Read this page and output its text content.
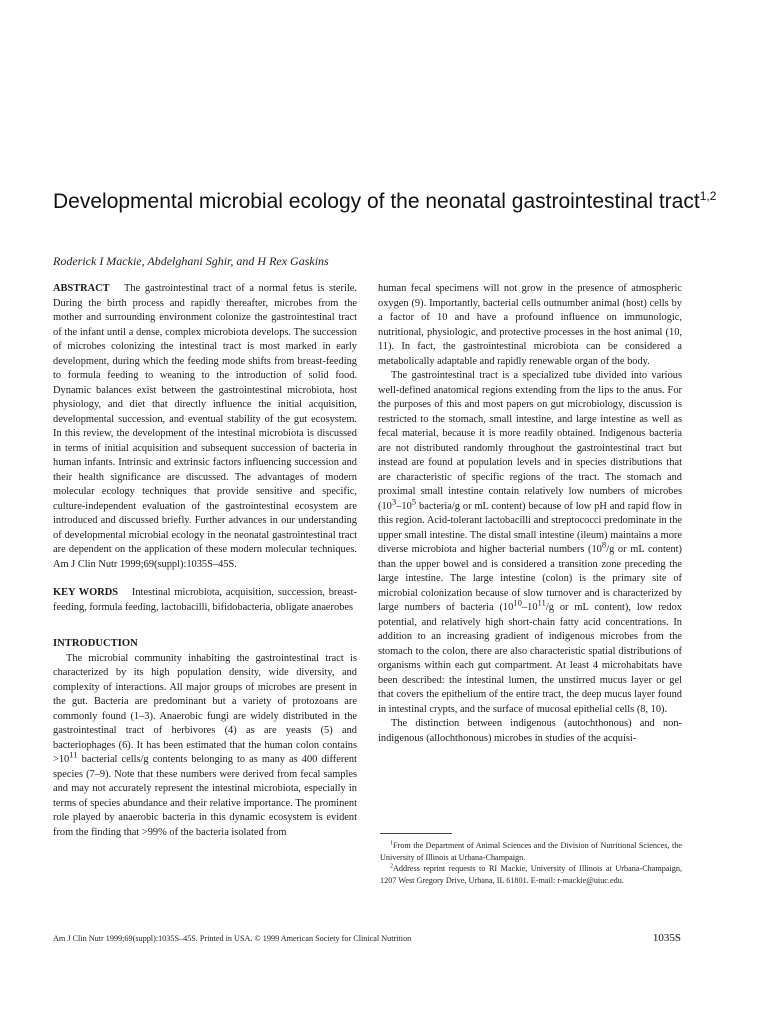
Developmental microbial ecology of the neonatal gastrointestinal tract$^{1,2}$
Roderick I Mackie, Abdelghani Sghir, and H Rex Gaskins

ABSTRACT The gastrointestinal tract of a normal fetus is sterile. During the birth process and rapidly thereafter, microbes from the mother and surrounding environment colonize the gastrointestinal tract of the infant until a dense, complex microbiota develops. The succession of microbes colonizing the intestinal tract is most marked in early development, during which the feeding mode shifts from breast-feeding to formula feeding to weaning to the introduction of solid food. Dynamic balances exist between the gastrointestinal microbiota, host physiology, and diet that directly influence the initial acquisition, developmental succession, and eventual stability of the gut ecosystem. In this review, the development of the intestinal microbiota is discussed in terms of initial acquisition and subsequent succession of bacteria in human infants. Intrinsic and extrinsic factors influencing succession and their health significance are discussed. The advantages of modern molecular ecology techniques that provide sensitive and specific, culture-independent evaluation of the gastrointestinal ecosystem are introduced and discussed briefly. Further advances in our understanding of developmental microbial ecology in the neonatal gastrointestinal tract are dependent on the application of these modern molecular techniques. Am J Clin Nutr 1999;69(suppl):1035S–45S.

KEY WORDS Intestinal microbiota, acquisition, succession, breast-feeding, formula feeding, lactobacilli, bifidobacteria, obligate anaerobes

INTRODUCTION

The microbial community inhabiting the gastrointestinal tract is characterized by its high population density, wide diversity, and complexity of interactions. All major groups of microbes are present in the gut. Bacteria are predominant but a variety of protozoans are commonly found (1–3). Anaerobic fungi are widely distributed in the gastrointestinal tract of herbivores (4) as are yeasts (5) and bacteriophages (6). It has been estimated that the human colon contains $>10^{11}$ bacterial cells/g contents belonging to as many as 400 different species (7–9). Note that these numbers were derived from fecal samples and may not accurately represent the intestinal microbiota, especially in terms of species abundance and their relative importance. The prominent role played by anaerobic bacteria in this dynamic ecosystem is evident from the finding that >99% of the bacteria isolated from

human fecal specimens will not grow in the presence of atmospheric oxygen (9). Importantly, bacterial cells outnumber animal (host) cells by a factor of 10 and have a profound influence on immunologic, nutritional, physiologic, and protective processes in the host animal (10, 11). In fact, the gastrointestinal microbiota can be considered a metabolically adaptable and rapidly renewable organ of the body.

The gastrointestinal tract is a specialized tube divided into various well-defined anatomical regions extending from the lips to the anus. For the purposes of this and most papers on gut microbiology, discussion is restricted to the stomach, small intestine, and large intestine as well as fecal material, because it is more readily obtained. Indigenous bacteria are not distributed randomly throughout the gastrointestinal tract but instead are found at population levels and in species distributions that are characteristic of specific regions of the tract. The stomach and proximal small intestine contain relatively low numbers of microbes ($10^3-10^5$ bacteria/g or mL content) because of low pH and rapid flow in this region. Acid-tolerant lactobacilli and streptococci predominate in the upper small intestine. The distal small intestine (ileum) maintains a more diverse microbiota and higher bacterial numbers ($10^8/g$ or mL content) than the upper bowel and is considered a transition zone preceding the large intestine. The large intestine (colon) is the primary site of microbial colonization because of slow turnover and is characterized by large numbers of bacteria ($10^{10}-10^{11}/g$ or mL content), low redox potential, and relatively high short-chain fatty acid concentrations. In addition to an increasing gradient of indigenous microbes from the stomach to the colon, there are also characteristic spatial distributions of organisms within each gut compartment. At least 4 microhabitats have been described: the intestinal lumen, the unstirred mucus layer or gel that covers the epithelium of the entire tract, the deep mucus layer found in intestinal crypts, and the surface of mucosal epithelial cells (8, 10).

The distinction between indigenous (autochthonous) and non-indigenous (allochthonous) microbes in studies of the acquisi-

$^1$From the Department of Animal Sciences and the Division of Nutritional Sciences, the University of Illinois at Urbana-Champaign.

$^2$Address reprint requests to RI Mackie, University of Illinois at Urbana-Champaign, 1207 West Gregory Drive, Urbana, IL 61801. E-mail: r-mackie@uiuc.edu.

Am J Clin Nutr 1999;69(suppl):1035S–45S. Printed in USA. © 1999 American Society for Clinical Nutrition	1035S
